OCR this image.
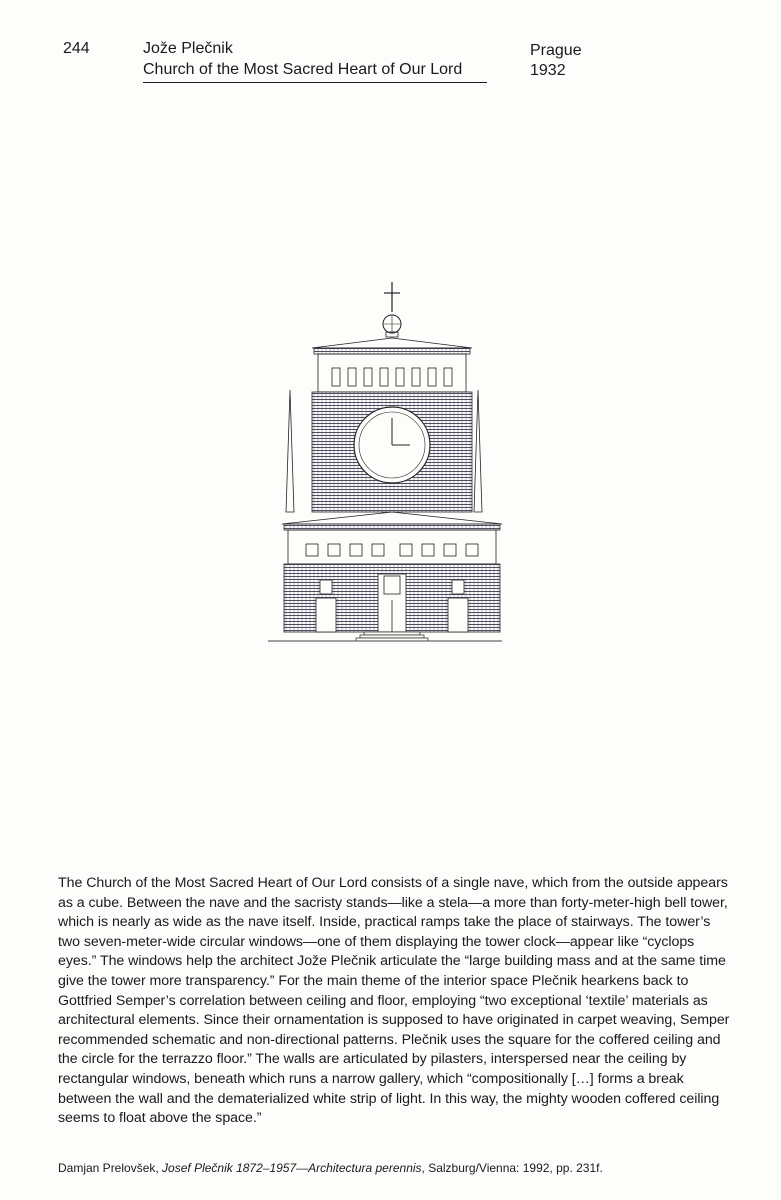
244	Jože Plečnik
Church of the Most Sacred Heart of Our Lord
Prague
1932

The Church of the Most Sacred Heart of Our Lord consists of a single nave, which from the outside appears as a cube. Between the nave and the sacristy stands—like a stela—a more than forty-meter-high bell tower, which is nearly as wide as the nave itself. Inside, practical ramps take the place of stairways. The tower’s two seven-meter-wide circular windows—one of them displaying the tower clock—appear like “cyclops eyes.” The windows help the architect Jože Plečnik articulate the “large building mass and at the same time give the tower more transparency.” For the main theme of the interior space Plečnik hearkens back to Gottfried Semper’s correlation between ceiling and floor, employing “two exceptional ‘textile’ materials as architectural elements. Since their ornamentation is supposed to have originated in carpet weaving, Semper recommended schematic and non-directional patterns. Plečnik uses the square for the coffered ceiling and the circle for the terrazzo floor.” The walls are articulated by pilasters, interspersed near the ceiling by rectangular windows, beneath which runs a narrow gallery, which “compositionally […] forms a break between the wall and the dematerialized white strip of light. In this way, the mighty wooden coffered ceiling seems to float above the space.”

Damjan Prelovšek, Josef Plečnik 1872–1957—Architectura perennis, Salzburg/Vienna: 1992, pp. 231f.
